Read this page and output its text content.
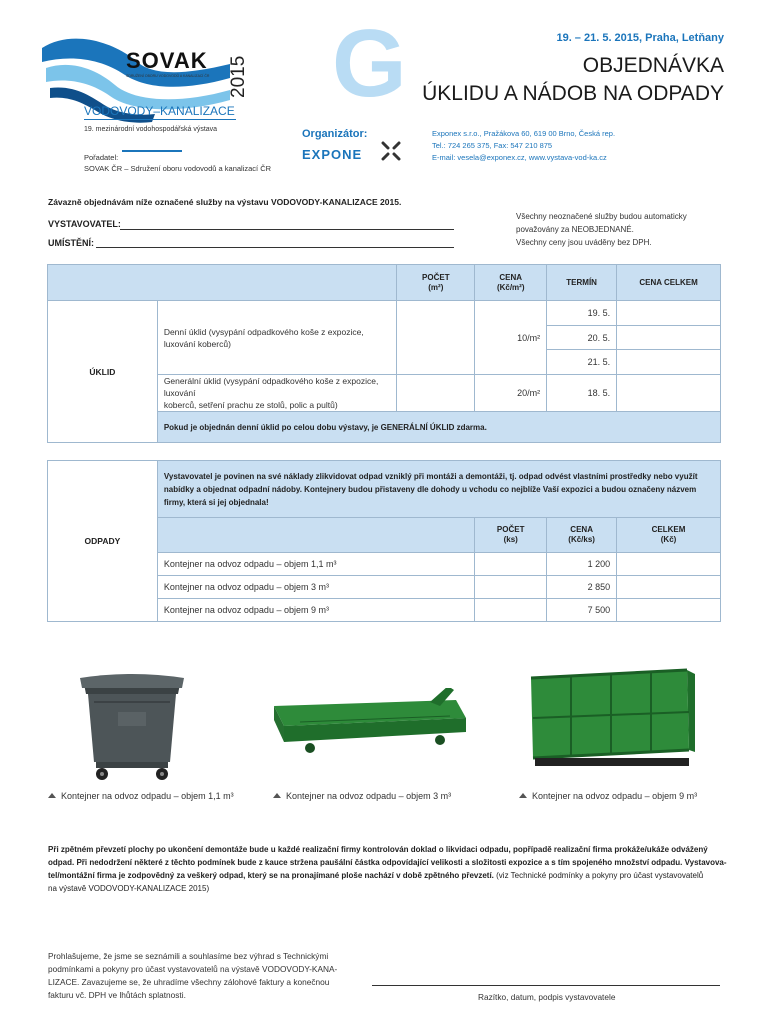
SOVAK
SDRUŽENÍ OBORU VODOVODŮ A KANALIZACÍ ČR 2015
VODOVODY–KANALIZACE
19. mezinárodní vodohospodářská výstava
Pořadatel:
SOVAK ČR – Sdružení oboru vodovodů a kanalizací ČR
G	19. – 21. 5. 2015, Praha, Letňany
OBJEDNÁVKA
ÚKLIDU A NÁDOB NA ODPADY
Organizátor:
EXPONE
Exponex s.r.o., Pražákova 60, 619 00 Brno, Česká rep.
Tel.: 724 265 375, Fax: 547 210 875
E-mail: vesela@exponex.cz, www.vystava-vod-ka.cz
Závazně objednávám níže označené služby na výstavu VODOVODY-KANALIZACE 2015.
VYSTAVOVATEL:
UMÍSTĚNÍ:
Všechny neoznačené služby budou automaticky
považovány za NEOBJEDNANÉ.
Všechny ceny jsou uváděny bez DPH.
		POČET
(m²)	CENA
(Kč/m²)	TERMÍN	CENA CELKEM
ÚKLID	Denní úklid (vysypání odpadkového koše z expozice,
luxování koberců)		10/m²	19. 5.	
				20. 5.	
				21. 5.	
	Generální úklid (vysypání odpadkového koše z expozice, luxování
koberců, setření prachu ze stolů, polic a pultů)		20/m²	18. 5.	
	Pokud je objednán denní úklid po celou dobu výstavy, je GENERÁLNÍ ÚKLID zdarma.				
ODPADY	Vystavovatel je povinen na své náklady zlikvidovat odpad vzniklý při montáži a demontáži, tj. odpad odvést vlastními prostředky nebo využít
nabídky a objednat odpadní nádoby. Kontejnery budou přistaveny dle dohody u vchodu co nejblíže Vaší expozici a budou označeny názvem
firmy, která si jej objednala!			
		POČET
(ks)	CENA
(Kč/ks)	CELKEM
(Kč)
	Kontejner na odvoz odpadu – objem 1,1 m³		1 200	
	Kontejner na odvoz odpadu – objem 3 m³		2 850	
	Kontejner na odvoz odpadu – objem 9 m³		7 500	
Kontejner na odvoz odpadu – objem 1,1 m³	Kontejner na odvoz odpadu – objem 3 m³	Kontejner na odvoz odpadu – objem 9 m³
Při zpětném převzetí plochy po ukončení demontáže bude u každé realizační firmy kontrolován doklad o likvidaci odpadu, popřípadě realizační firma prokáže/ukáže odvážený
odpad. Při nedodržení některé z těchto podmínek bude z kauce stržena paušální částka odpovídající velikosti a složitosti expozice a s tím spojeného množství odpadu. Vystavova-
tel/montážní firma je zodpovědný za veškerý odpad, který se na pronajímané ploše nachází v době zpětného převzetí. (viz Technické podmínky a pokyny pro účast vystavovatelů
na výstavě VODOVODY-KANALIZACE 2015)
Prohlašujeme, že jsme se seznámili a souhlasíme bez výhrad s Technickými
podmínkami a pokyny pro účast vystavovatelů na výstavě VODOVODY-KANA-
LIZACE. Zavazujeme se, že uhradíme všechny zálohové faktury a konečnou
fakturu vč. DPH ve lhůtách splatnosti.	Razítko, datum, podpis vystavovatele
